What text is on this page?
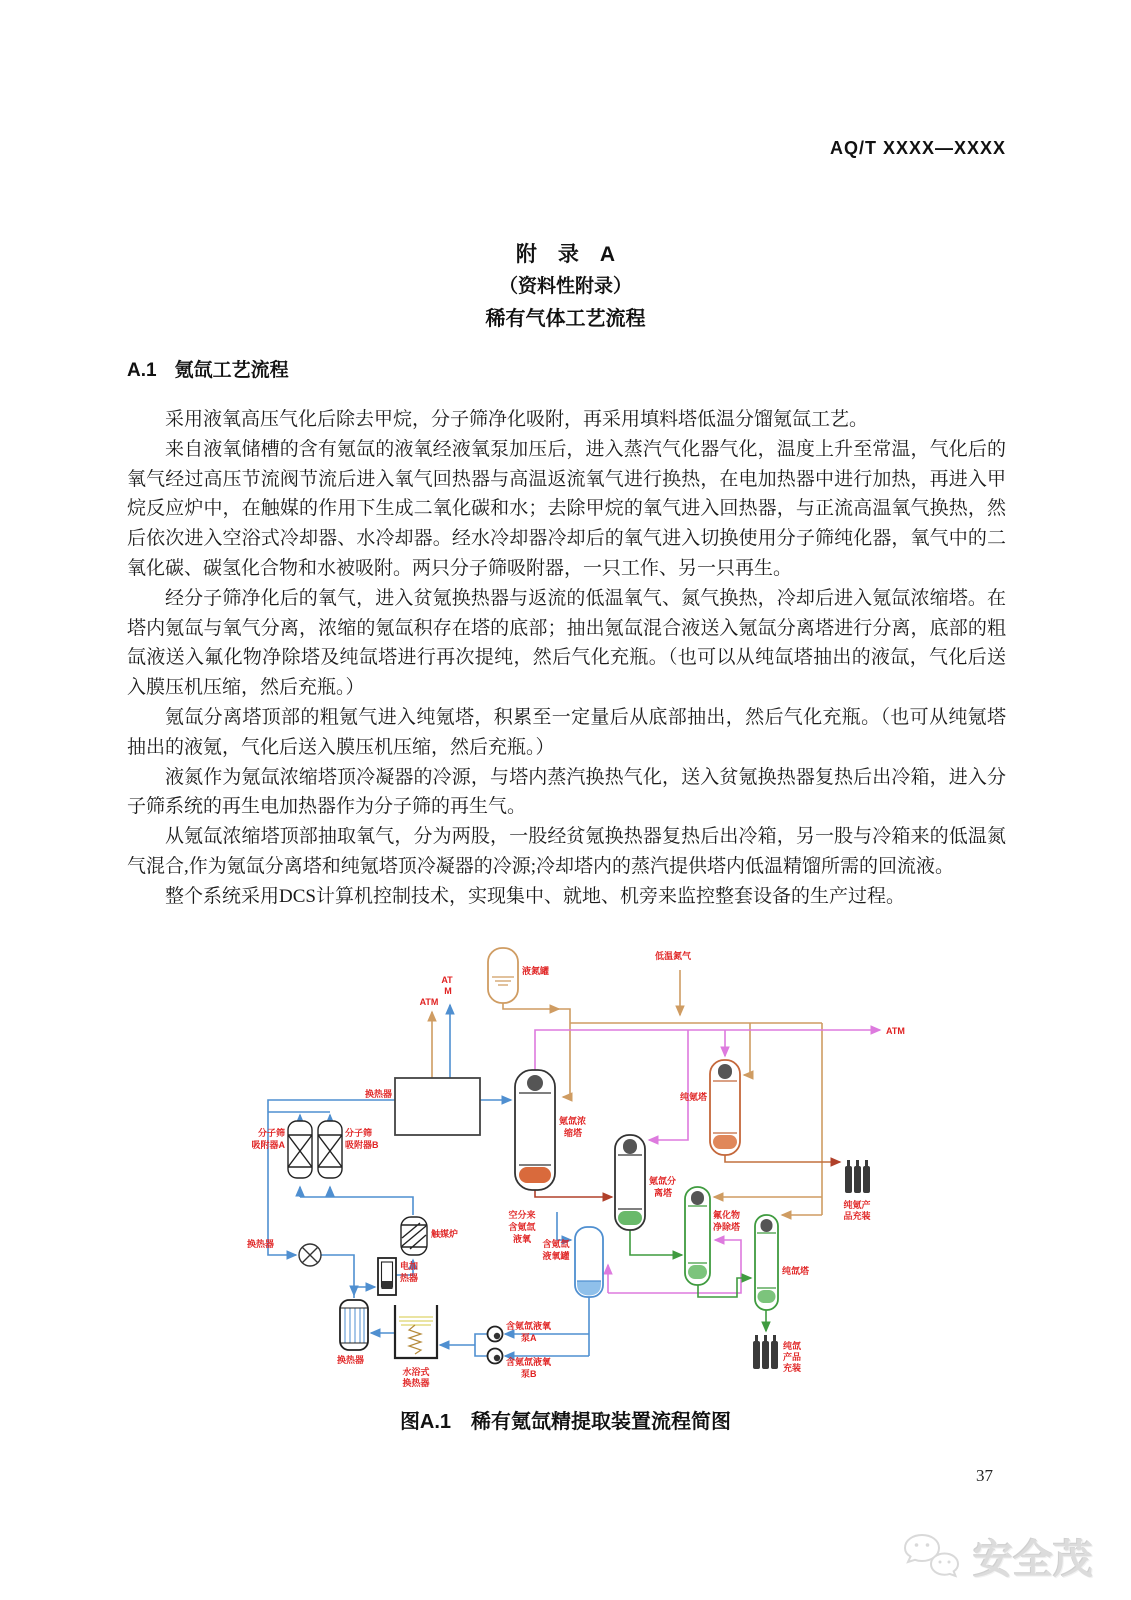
AQ/T XXXX—XXXX
附　录　A
（资料性附录）
稀有气体工艺流程
A.1 氪氙工艺流程

采用液氧高压气化后除去甲烷，分子筛净化吸附，再采用填料塔低温分馏氪氙工艺。

来自液氧储槽的含有氪氙的液氧经液氧泵加压后，进入蒸汽气化器气化，温度上升至常温，气化后的氧气经过高压节流阀节流后进入氧气回热器与高温返流氧气进行换热，在电加热器中进行加热，再进入甲烷反应炉中，在触媒的作用下生成二氧化碳和水；去除甲烷的氧气进入回热器，与正流高温氧气换热，然后依次进入空浴式冷却器、水冷却器。经水冷却器冷却后的氧气进入切换使用分子筛纯化器，氧气中的二氧化碳、碳氢化合物和水被吸附。两只分子筛吸附器，一只工作、另一只再生。

经分子筛净化后的氧气，进入贫氪换热器与返流的低温氧气、氮气换热，冷却后进入氪氙浓缩塔。在塔内氪氙与氧气分离，浓缩的氪氙积存在塔的底部；抽出氪氙混合液送入氪氙分离塔进行分离，底部的粗氙液送入氟化物净除塔及纯氙塔进行再次提纯，然后气化充瓶。（也可以从纯氙塔抽出的液氙，气化后送入膜压机压缩，然后充瓶。）

氪氙分离塔顶部的粗氪气进入纯氪塔，积累至一定量后从底部抽出，然后气化充瓶。（也可从纯氪塔抽出的液氪，气化后送入膜压机压缩，然后充瓶。）

液氮作为氪氙浓缩塔顶冷凝器的冷源，与塔内蒸汽换热气化，送入贫氪换热器复热后出冷箱，进入分子筛系统的再生电加热器作为分子筛的再生气。

从氪氙浓缩塔顶部抽取氧气，分为两股，一股经贫氪换热器复热后出冷箱，另一股与冷箱来的低温氮气混合,作为氪氙分离塔和纯氪塔顶冷凝器的冷源;冷却塔内的蒸汽提供塔内低温精馏所需的回流液。

整个系统采用DCS计算机控制技术，实现集中、就地、机旁来监控整套设备的生产过程。

ATM
AT
M
液氮罐
低温氮气
ATM
换热器
分子筛
吸附器A
分子筛
吸附器B
换热器
触媒炉
电加
热器
换热器
水浴式
换热器
空分来
含氪氙
液氧 含氪氙
液氧罐
含氪氙液氧
泵A
含氪氙液氧
泵B
氪氙浓
缩塔
氪氙分
离塔
纯氪塔
氟化物
净除塔
纯氙塔
纯氪产
品充装
纯氙
产品
充装
图A.1　稀有氪氙精提取装置流程简图
37
安全茂
